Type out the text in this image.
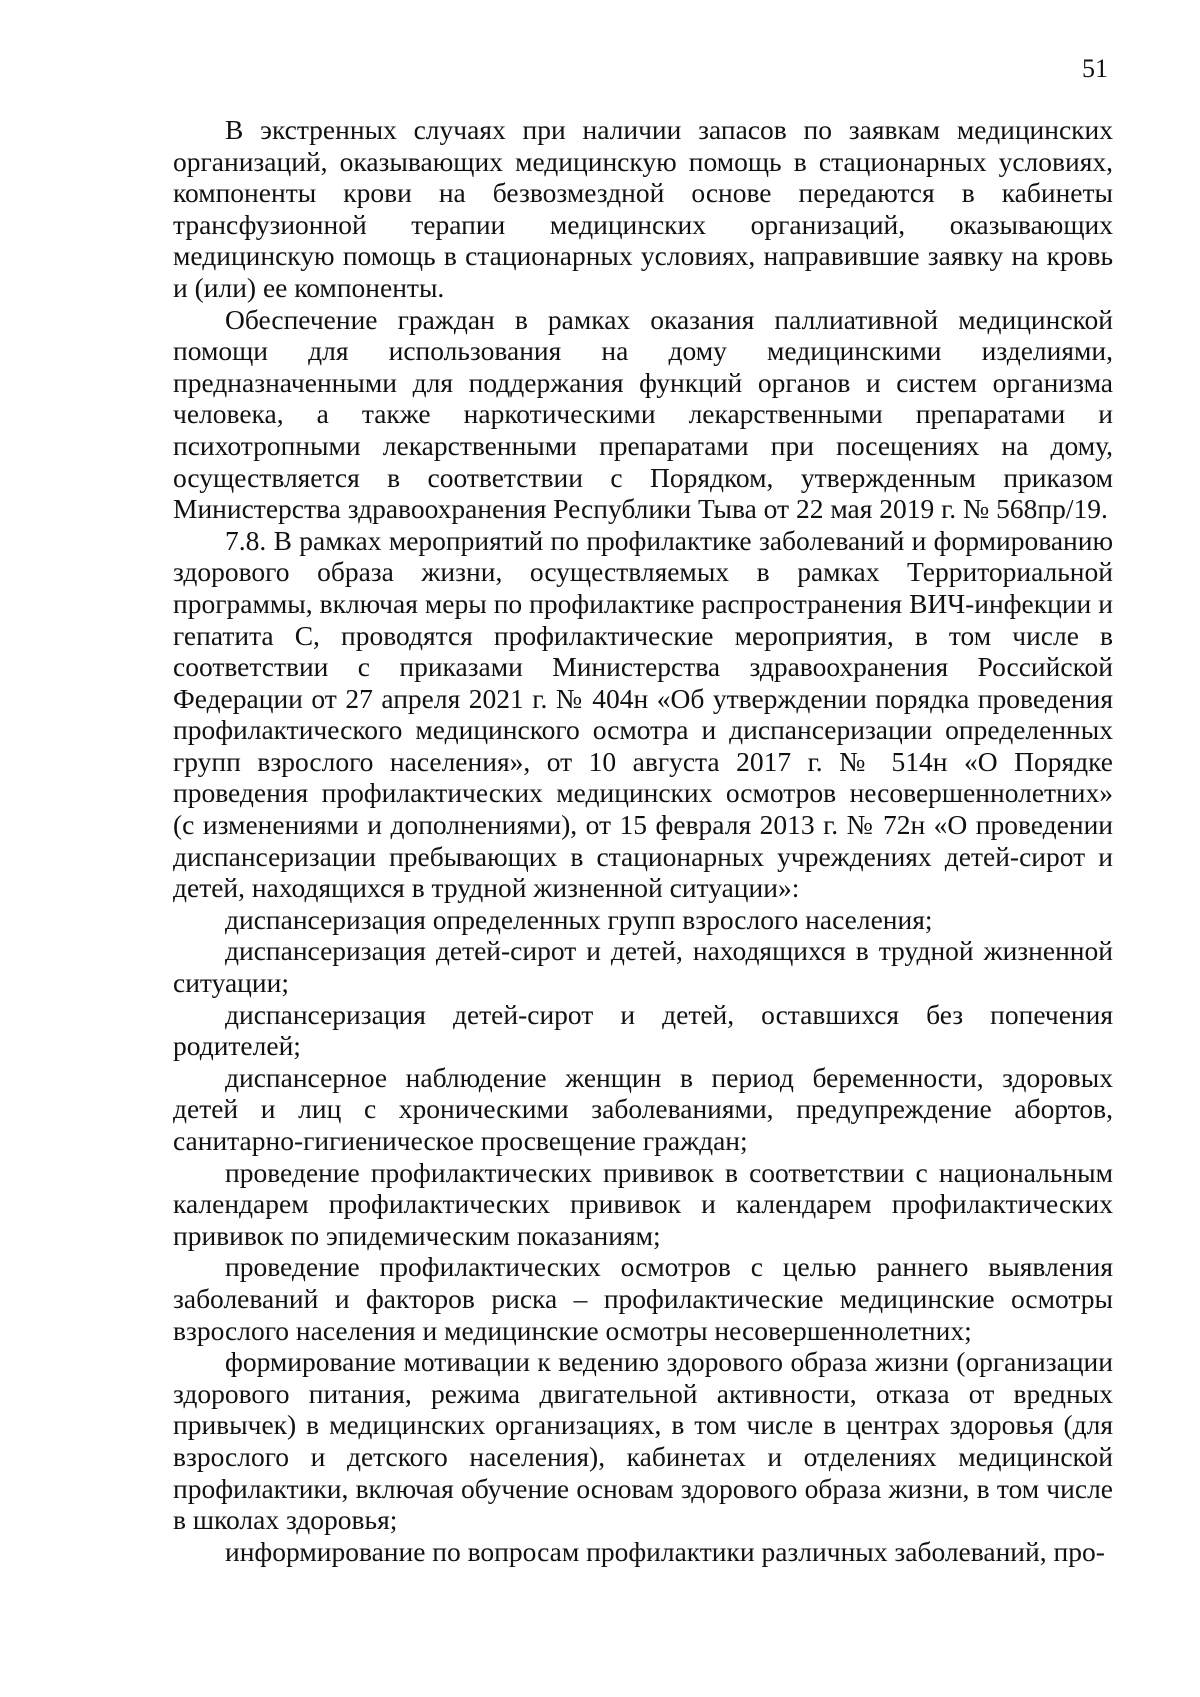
51

В экстренных случаях при наличии запасов по заявкам медицинских организаций, оказывающих медицинскую помощь в стационарных условиях, компоненты крови на безвозмездной основе передаются в кабинеты трансфузионной терапии медицинских организаций, оказывающих медицинскую помощь в стационарных условиях, направившие заявку на кровь и (или) ее компоненты.

Обеспечение граждан в рамках оказания паллиативной медицинской помощи для использования на дому медицинскими изделиями, предназначенными для поддержания функций органов и систем организма человека, а также наркотическими лекарственными препаратами и психотропными лекарственными препаратами при посещениях на дому, осуществляется в соответствии с Порядком, утвержденным приказом Министерства здравоохранения Республики Тыва от 22 мая 2019 г. № 568пр/19.

7.8. В рамках мероприятий по профилактике заболеваний и формированию здорового образа жизни, осуществляемых в рамках Территориальной программы, включая меры по профилактике распространения ВИЧ-инфекции и гепатита С, проводятся профилактические мероприятия, в том числе в соответствии с приказами Министерства здравоохранения Российской Федерации от 27 апреля 2021 г. № 404н «Об утверждении порядка проведения профилактического медицинского осмотра и диспансеризации определенных групп взрослого населения», от 10 августа 2017 г. № 514н «О Порядке проведения профилактических медицинских осмотров несовершеннолетних» (с изменениями и дополнениями), от 15 февраля 2013 г. № 72н «О проведении диспансеризации пребывающих в стационарных учреждениях детей-сирот и детей, находящихся в трудной жизненной ситуации»:

диспансеризация определенных групп взрослого населения;

диспансеризация детей-сирот и детей, находящихся в трудной жизненной ситуации;

диспансеризация детей-сирот и детей, оставшихся без попечения родителей;

диспансерное наблюдение женщин в период беременности, здоровых детей и лиц с хроническими заболеваниями, предупреждение абортов, санитарно-гигиеническое просвещение граждан;

проведение профилактических прививок в соответствии с национальным календарем профилактических прививок и календарем профилактических прививок по эпидемическим показаниям;

проведение профилактических осмотров с целью раннего выявления заболеваний и факторов риска – профилактические медицинские осмотры взрослого населения и медицинские осмотры несовершеннолетних;

формирование мотивации к ведению здорового образа жизни (организации здорового питания, режима двигательной активности, отказа от вредных привычек) в медицинских организациях, в том числе в центрах здоровья (для взрослого и детского населения), кабинетах и отделениях медицинской профилактики, включая обучение основам здорового образа жизни, в том числе в школах здоровья;

информирование по вопросам профилактики различных заболеваний, про-
